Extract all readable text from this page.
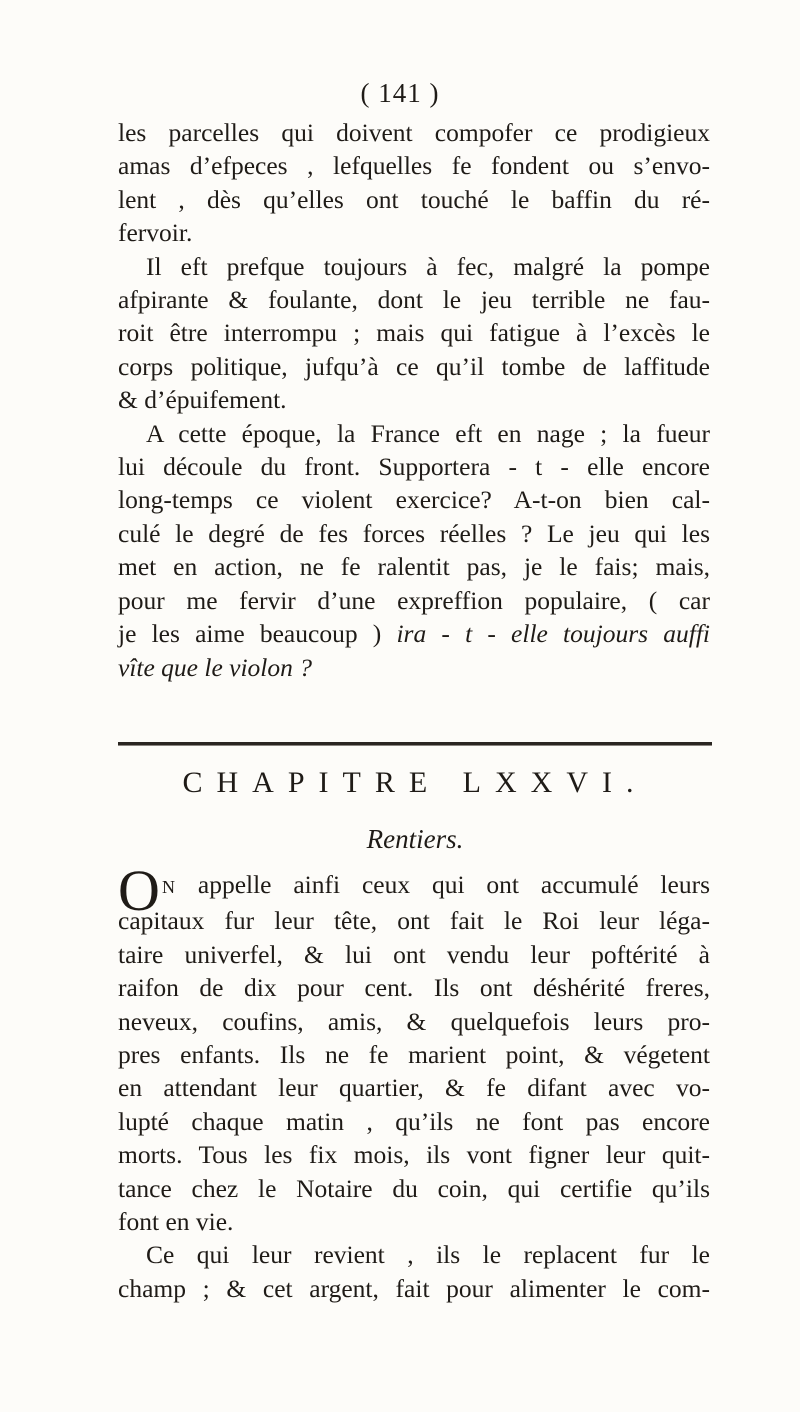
( 141 )

les parcelles qui doivent compofer ce prodigieux
amas d’efpeces , lefquelles fe fondent ou s’envo-
lent , dès qu’elles ont touché le baffin du ré-
fervoir.

Il eft prefque toujours à fec, malgré la pompe
afpirante & foulante, dont le jeu terrible ne fau-
roit être interrompu ; mais qui fatigue à l’excès le
corps politique, jufqu’à ce qu’il tombe de laffitude
& d’épuifement.

A cette époque, la France eft en nage ; la fueur
lui découle du front. Supportera - t - elle encore
long-temps ce violent exercice? A-t-on bien cal-
culé le degré de fes forces réelles ? Le jeu qui les
met en action, ne fe ralentit pas, je le fais; mais,
pour me fervir d’une expreffion populaire, ( car
je les aime beaucoup ) ira - t - elle toujours auffi
vîte que le violon ?

CHAPITRE LXXVI.
Rentiers.
O N appelle ainfi ceux qui ont accumulé leurs
capitaux fur leur tête, ont fait le Roi leur léga-
taire univerfel, & lui ont vendu leur poftérité à
raifon de dix pour cent. Ils ont déshérité freres,
neveux, coufins, amis, & quelquefois leurs pro-
pres enfants. Ils ne fe marient point, & végetent
en attendant leur quartier, & fe difant avec vo-
lupté chaque matin , qu’ils ne font pas encore
morts. Tous les fix mois, ils vont figner leur quit-
tance chez le Notaire du coin, qui certifie qu’ils
font en vie.

Ce qui leur revient , ils le replacent fur le
champ ; & cet argent, fait pour alimenter le com-
